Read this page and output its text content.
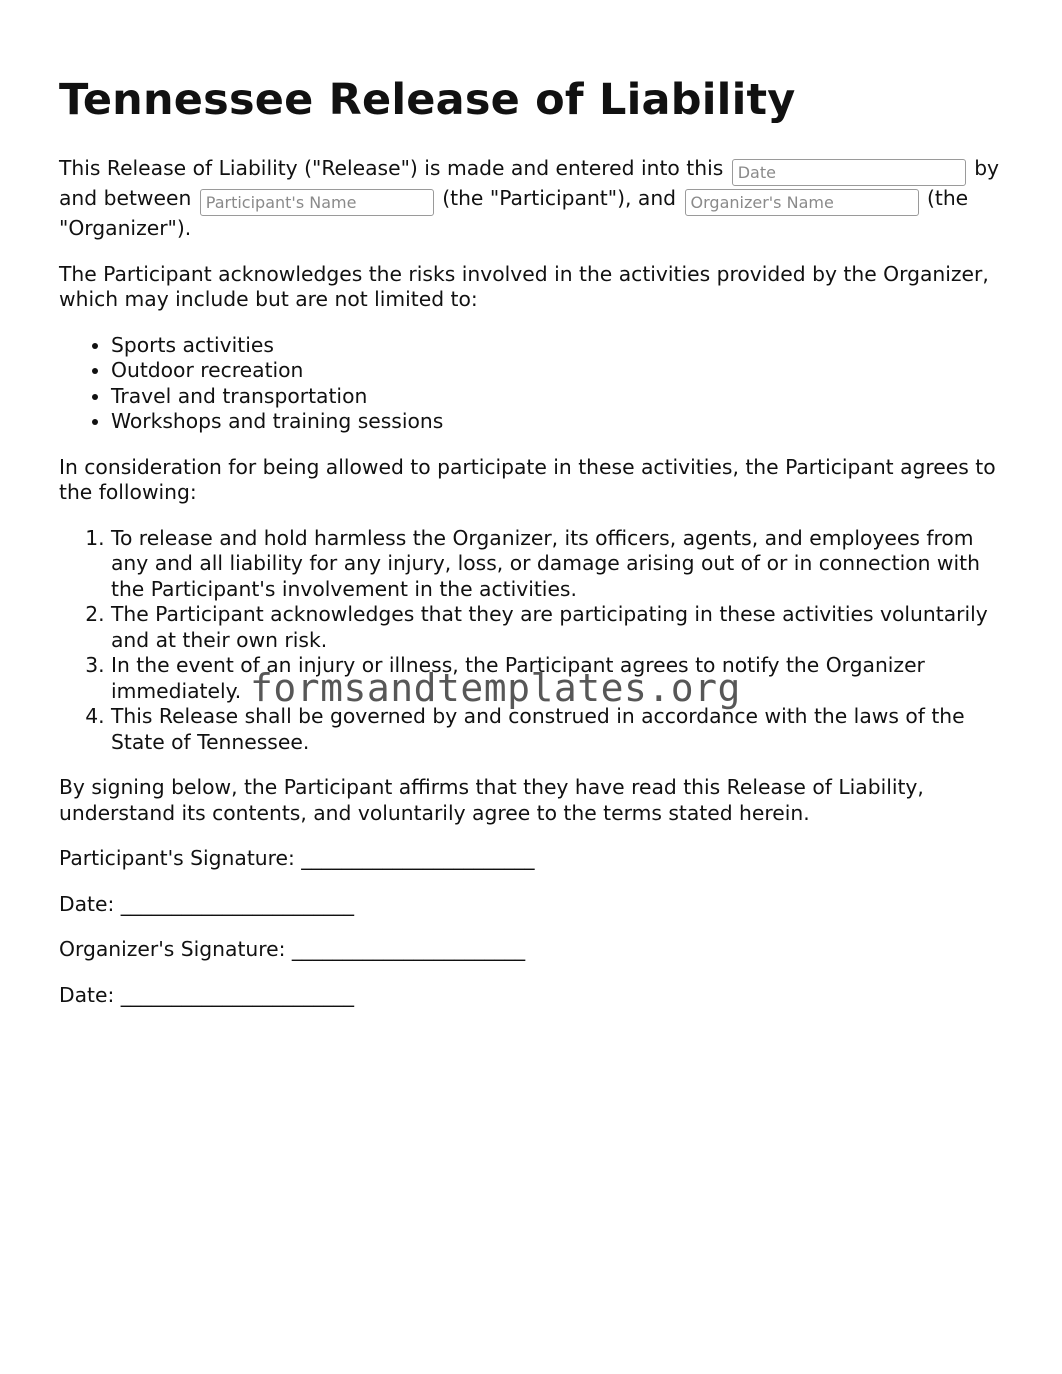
Tennessee Release of Liability

This Release of Liability ("Release") is made and entered into this Date	by and between Participant's Name	(the "Participant"), and Organizer's Name	(the "Organizer").

The Participant acknowledges the risks involved in the activities provided by the Organizer, which may include but are not limited to:

• Sports activities
• Outdoor recreation
• Travel and transportation
• Workshops and training sessions

In consideration for being allowed to participate in these activities, the Participant agrees to the following:

1. To release and hold harmless the Organizer, its officers, agents, and employees from any and all liability for any injury, loss, or damage arising out of or in connection with the Participant's involvement in the activities.
2. The Participant acknowledges that they are participating in these activities voluntarily and at their own risk.
3. In the event of an injury or illness, the Participant agrees to notify the Organizer immediately.
4. This Release shall be governed by and construed in accordance with the laws of the State of Tennessee.

By signing below, the Participant affirms that they have read this Release of Liability, understand its contents, and voluntarily agree to the terms stated herein.

Participant's Signature: _______________________
Date: _______________________
Organizer's Signature: _______________________
Date: _______________________
formsandtemplates.org
